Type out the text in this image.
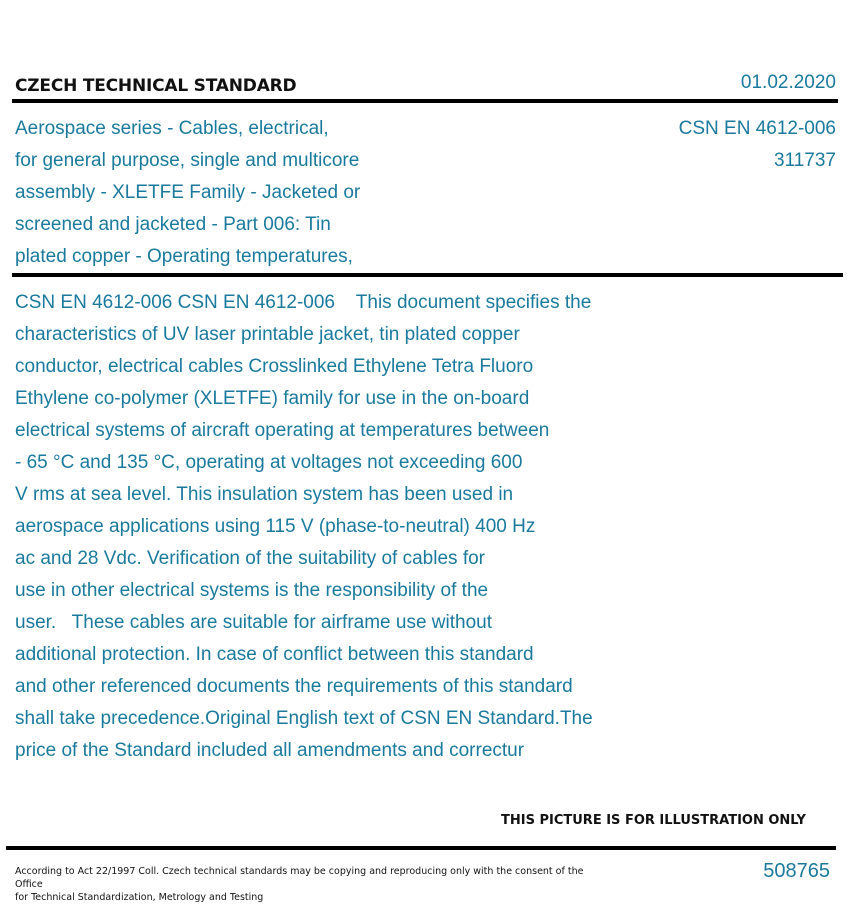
CZECH TECHNICAL STANDARD	01.02.2020
Aerospace series - Cables, electrical,
for general purpose, single and multicore
assembly - XLETFE Family - Jacketed or
screened and jacketed - Part 006: Tin
plated copper - Operating temperatures,
CSN EN 4612-006
311737
CSN EN 4612-006 CSN EN 4612-006    This document specifies the
characteristics of UV laser printable jacket, tin plated copper
conductor, electrical cables Crosslinked Ethylene Tetra Fluoro
Ethylene co-polymer (XLETFE) family for use in the on-board
electrical systems of aircraft operating at temperatures between
- 65 °C and 135 °C, operating at voltages not exceeding 600
V rms at sea level. This insulation system has been used in
aerospace applications using 115 V (phase-to-neutral) 400 Hz
ac and 28 Vdc. Verification of the suitability of cables for
use in other electrical systems is the responsibility of the
user.   These cables are suitable for airframe use without
additional protection. In case of conflict between this standard
and other referenced documents the requirements of this standard
shall take precedence.Original English text of CSN EN Standard.The
price of the Standard included all amendments and correctur
THIS PICTURE IS FOR ILLUSTRATION ONLY
According to Act 22/1997 Coll. Czech technical standards may be copying and reproducing only with the consent of the Office
for Technical Standardization, Metrology and Testing
508765
